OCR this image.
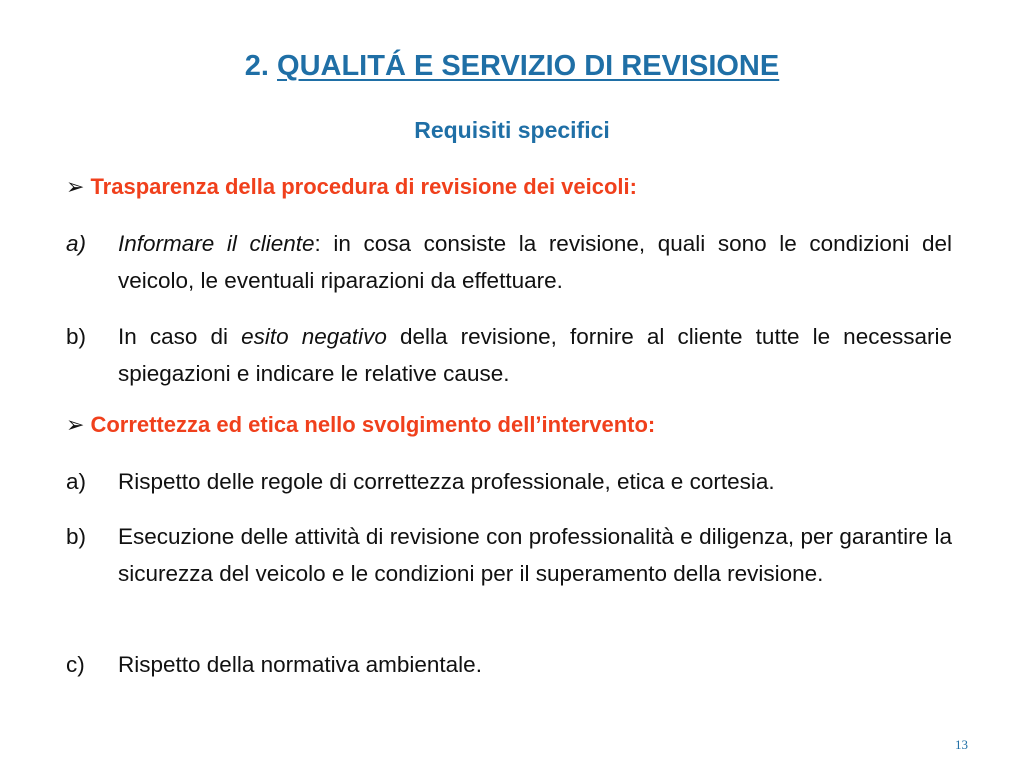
2. QUALITÁ E SERVIZIO DI REVISIONE
Requisiti specifici
➢ Trasparenza della procedura di revisione dei veicoli:
a)	Informare il cliente: in cosa consiste la revisione, quali sono le condizioni del veicolo, le eventuali riparazioni da effettuare.
b)	In caso di esito negativo della revisione, fornire al cliente tutte le necessarie spiegazioni e indicare le relative cause.
➢ Correttezza ed etica nello svolgimento dell’intervento:
a)	Rispetto delle regole di correttezza professionale, etica e cortesia.
b)	Esecuzione delle attività di revisione con professionalità e diligenza, per garantire la sicurezza del veicolo e le condizioni per il superamento della revisione.
c)	Rispetto della normativa ambientale.
13
